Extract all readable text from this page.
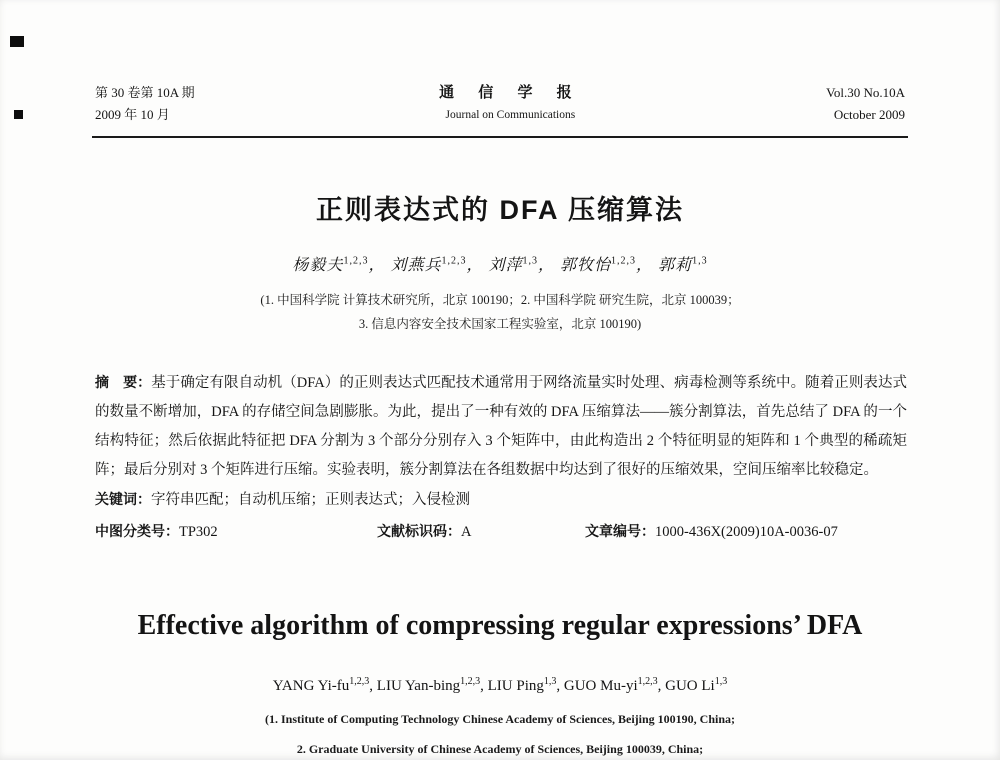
第 30 卷第 10A 期
2009 年 10 月
通 信 学 报
Journal on Communications
Vol.30 No.10A
October 2009
正则表达式的 DFA 压缩算法
杨毅夫$^{1,2,3}$， 刘燕兵$^{1,2,3}$， 刘萍$^{1,3}$， 郭牧怡$^{1,2,3}$， 郭莉$^{1,3}$
(1. 中国科学院 计算技术研究所，北京 100190；2. 中国科学院 研究生院，北京 100039；
3. 信息内容安全技术国家工程实验室，北京 100190)
摘　要：基于确定有限自动机（DFA）的正则表达式匹配技术通常用于网络流量实时处理、病毒检测等系统中。随着正则表达式的数量不断增加，DFA 的存储空间急剧膨胀。为此，提出了一种有效的 DFA 压缩算法——簇分割算法，首先总结了 DFA 的一个结构特征；然后依据此特征把 DFA 分割为 3 个部分分别存入 3 个矩阵中，由此构造出 2 个特征明显的矩阵和 1 个典型的稀疏矩阵；最后分别对 3 个矩阵进行压缩。实验表明，簇分割算法在各组数据中均达到了很好的压缩效果，空间压缩率比较稳定。
关键词：字符串匹配；自动机压缩；正则表达式；入侵检测
中图分类号：TP302	文献标识码：A	文章编号：1000-436X(2009)10A-0036-07
Effective algorithm of compressing regular expressions’ DFA
YANG Yi-fu$^{1,2,3}$, LIU Yan-bing$^{1,2,3}$, LIU Ping$^{1,3}$, GUO Mu-yi$^{1,2,3}$, GUO Li$^{1,3}$
(1. Institute of Computing Technology Chinese Academy of Sciences, Beijing 100190, China;
2. Graduate University of Chinese Academy of Sciences, Beijing 100039, China;
